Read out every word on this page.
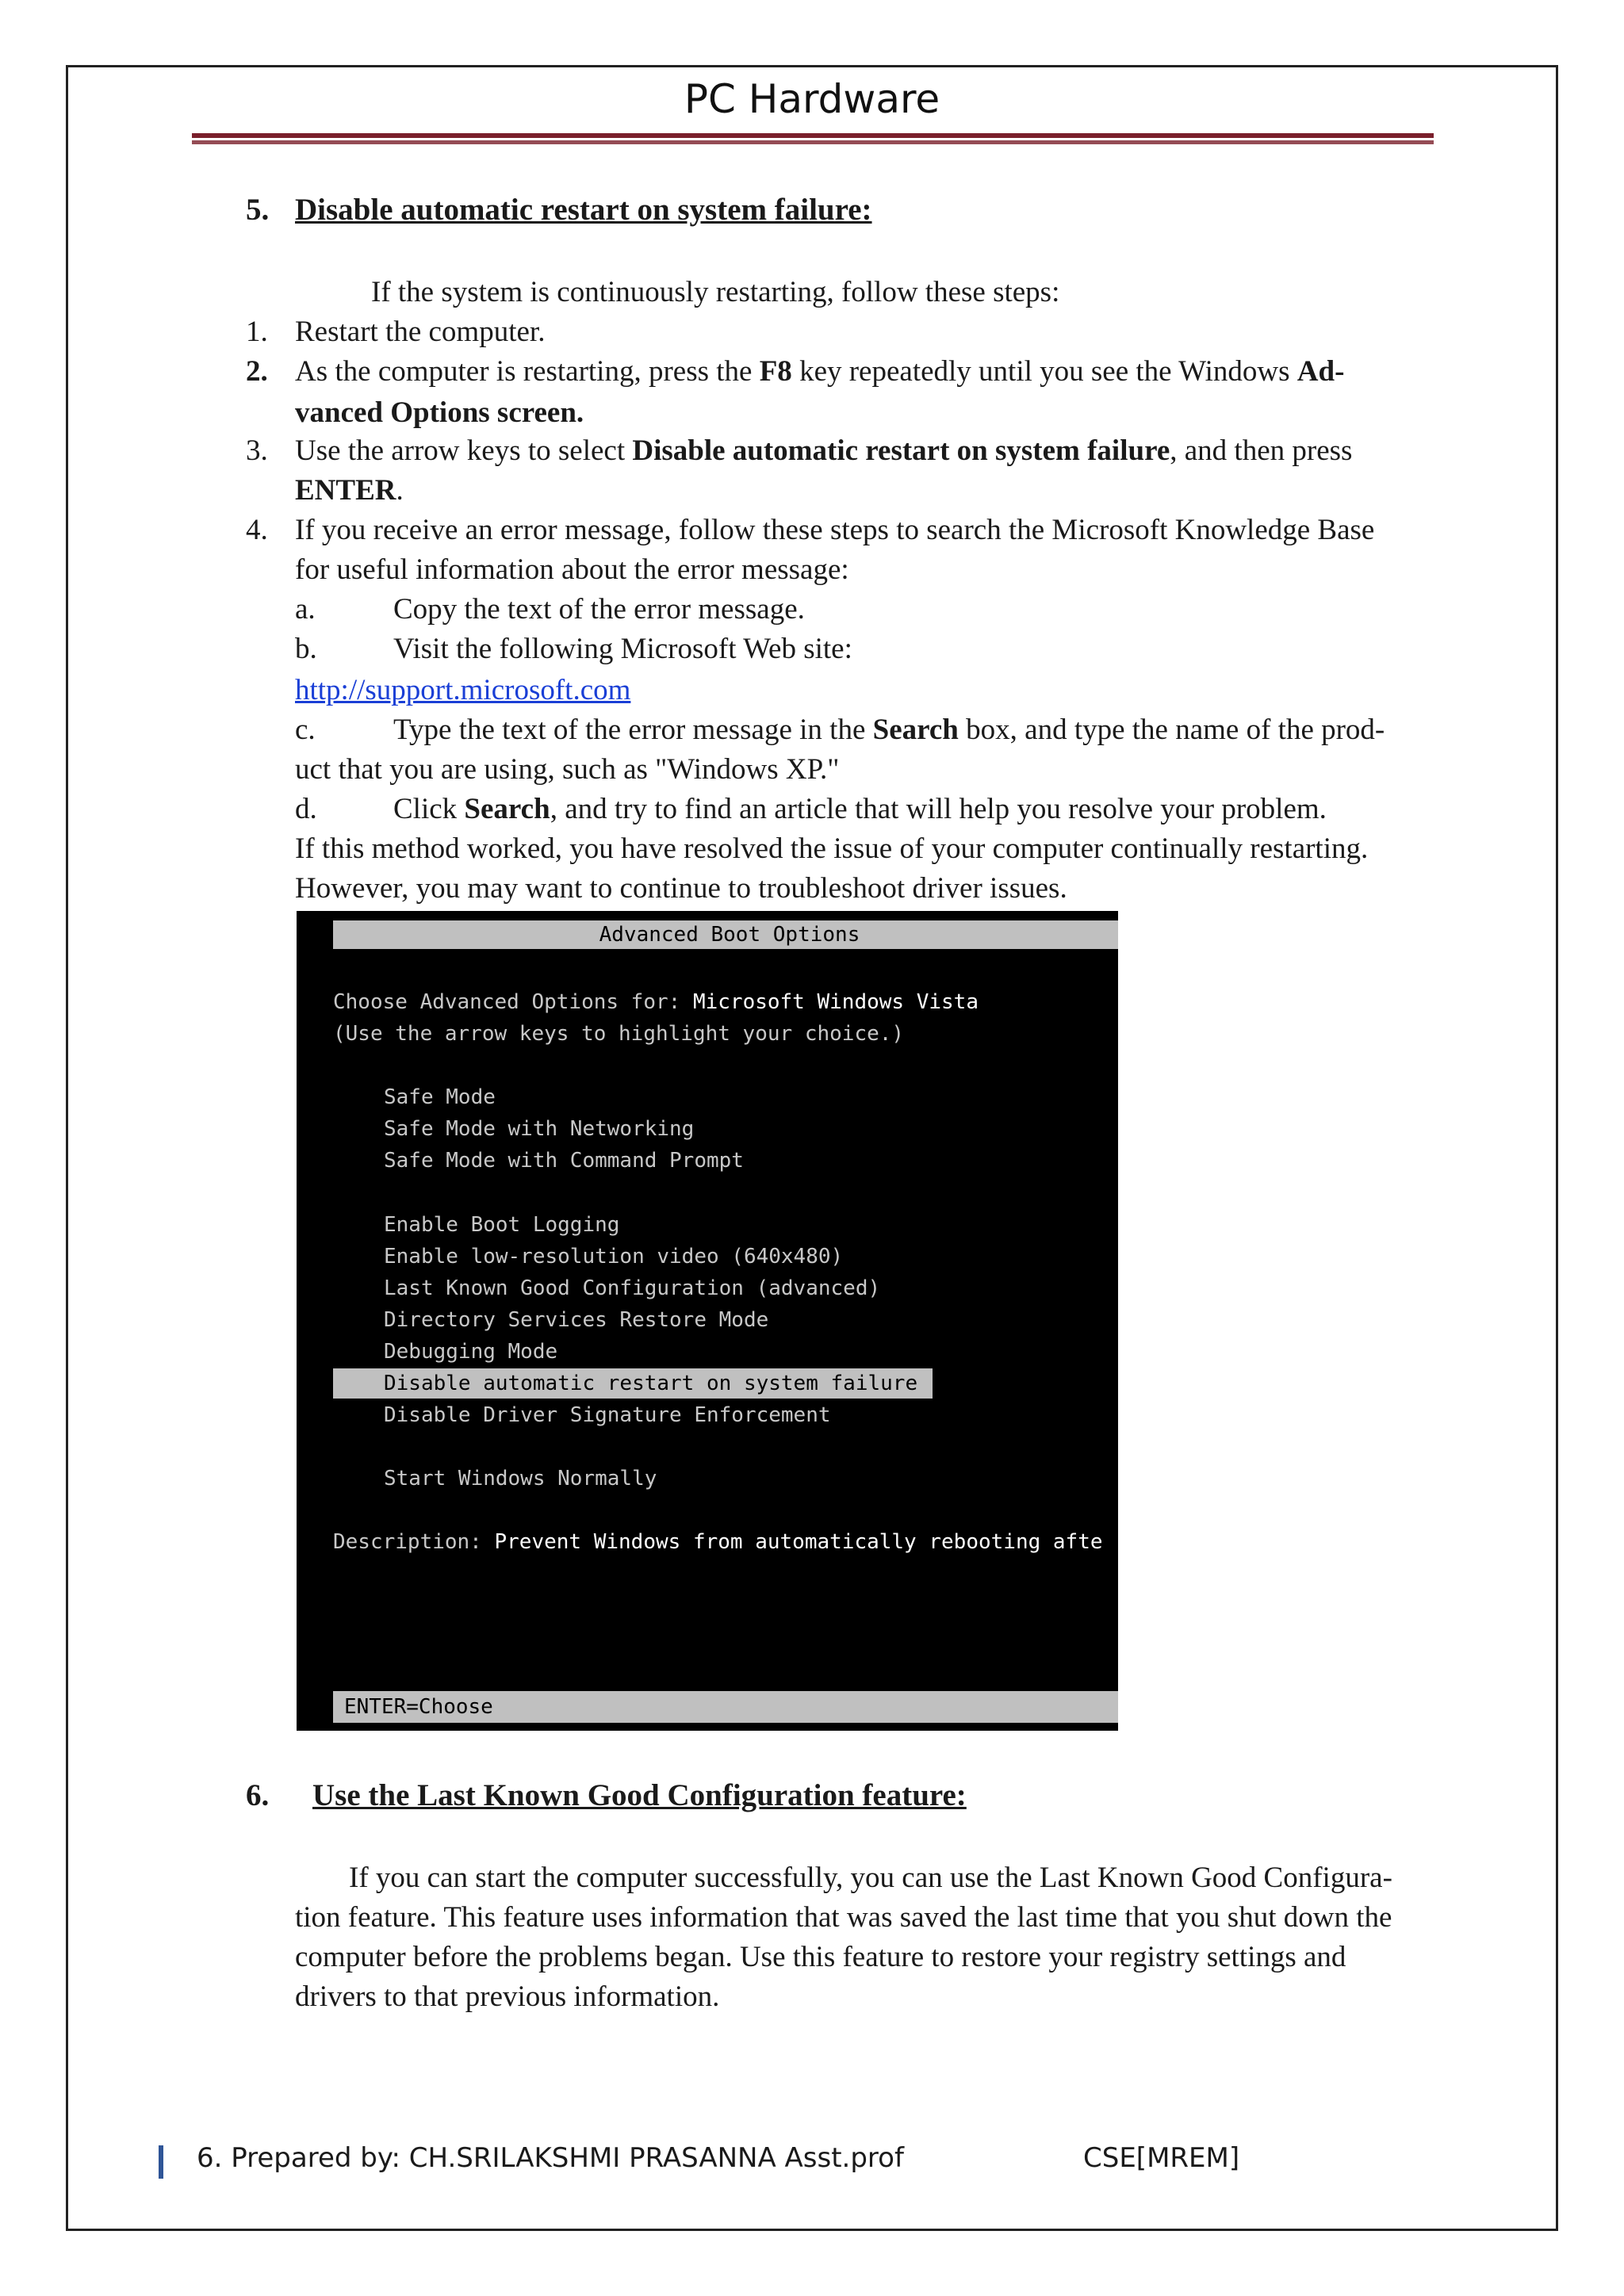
PC Hardware
5. Disable automatic restart on system failure:
If the system is continuously restarting, follow these steps:
1. Restart the computer.
2. As the computer is restarting, press the F8 key repeatedly until you see the Windows Ad-
vanced Options screen.
3. Use the arrow keys to select Disable automatic restart on system failure, and then press
ENTER.
4. If you receive an error message, follow these steps to search the Microsoft Knowledge Base
for useful information about the error message:
a.	Copy the text of the error message.
b.	Visit the following Microsoft Web site:
http://support.microsoft.com
c.	Type the text of the error message in the Search box, and type the name of the prod-
uct that you are using, such as "Windows XP."
d.	Click Search, and try to find an article that will help you resolve your problem.
If this method worked, you have resolved the issue of your computer continually restarting.
However, you may want to continue to troubleshoot driver issues.
Advanced Boot Options
Choose Advanced Options for: Microsoft Windows Vista
(Use the arrow keys to highlight your choice.)
Safe Mode
Safe Mode with Networking
Safe Mode with Command Prompt
Enable Boot Logging
Enable low-resolution video (640x480)
Last Known Good Configuration (advanced)
Directory Services Restore Mode
Debugging Mode
Disable automatic restart on system failure
Disable Driver Signature Enforcement
Start Windows Normally
Description: Prevent Windows from automatically rebooting afte
ENTER=Choose
6.	Use the Last Known Good Configuration feature:
If you can start the computer successfully, you can use the Last Known Good Configura-
tion feature. This feature uses information that was saved the last time that you shut down the
computer before the problems began. Use this feature to restore your registry settings and
drivers to that previous information.
6. Prepared by: CH.SRILAKSHMI PRASANNA Asst.prof	CSE[MREM]
